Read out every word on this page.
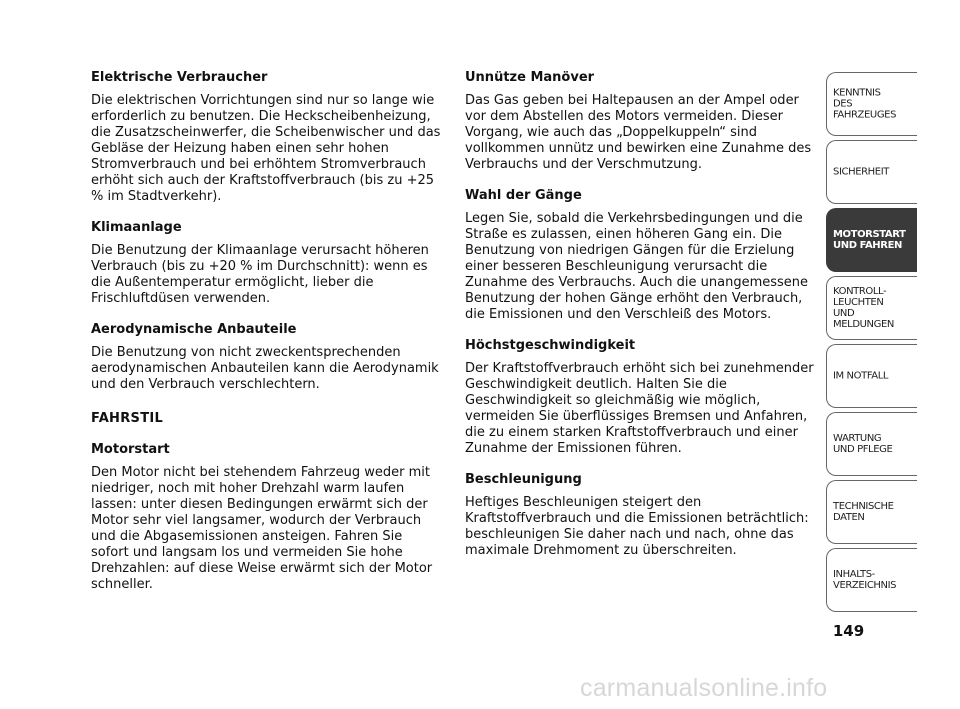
Elektrische Verbraucher
Die elektrischen Vorrichtungen sind nur so lange wie erforderlich zu benutzen. Die Heckscheibenheizung, die Zusatzscheinwerfer, die Scheibenwischer und das Gebläse der Heizung haben einen sehr hohen Stromverbrauch und bei erhöhtem Stromverbrauch erhöht sich auch der Kraftstoffverbrauch (bis zu +25 % im Stadtverkehr).
Klimaanlage
Die Benutzung der Klimaanlage verursacht höheren Verbrauch (bis zu +20 % im Durchschnitt): wenn es die Außentemperatur ermöglicht, lieber die Frischluftdüsen verwenden.
Aerodynamische Anbauteile
Die Benutzung von nicht zweckentsprechenden aerodynamischen Anbauteilen kann die Aerodynamik und den Verbrauch verschlechtern.
FAHRSTIL
Motorstart
Den Motor nicht bei stehendem Fahrzeug weder mit niedriger, noch mit hoher Drehzahl warm laufen lassen: unter diesen Bedingungen erwärmt sich der Motor sehr viel langsamer, wodurch der Verbrauch und die Abgasemissionen ansteigen. Fahren Sie sofort und langsam los und vermeiden Sie hohe Drehzahlen: auf diese Weise erwärmt sich der Motor schneller.
Unnütze Manöver
Das Gas geben bei Haltepausen an der Ampel oder vor dem Abstellen des Motors vermeiden. Dieser Vorgang, wie auch das „Doppelkuppeln“ sind vollkommen unnütz und bewirken eine Zunahme des Verbrauchs und der Verschmutzung.
Wahl der Gänge
Legen Sie, sobald die Verkehrsbedingungen und die Straße es zulassen, einen höheren Gang ein. Die Benutzung von niedrigen Gängen für die Erzielung einer besseren Beschleunigung verursacht die Zunahme des Verbrauchs. Auch die unangemessene Benutzung der hohen Gänge erhöht den Verbrauch, die Emissionen und den Verschleiß des Motors.
Höchstgeschwindigkeit
Der Kraftstoffverbrauch erhöht sich bei zunehmender Geschwindigkeit deutlich. Halten Sie die Geschwindigkeit so gleichmäßig wie möglich, vermeiden Sie überflüssiges Bremsen und Anfahren, die zu einem starken Kraftstoffverbrauch und einer Zunahme der Emissionen führen.
Beschleunigung
Heftiges Beschleunigen steigert den Kraftstoffverbrauch und die Emissionen beträchtlich: beschleunigen Sie daher nach und nach, ohne das maximale Drehmoment zu überschreiten.
KENNTNIS
DES FAHRZEUGES
SICHERHEIT
MOTORSTART
UND FAHREN
KONTROLL-
LEUCHTEN
UND MELDUNGEN
IM NOTFALL
WARTUNG
UND PFLEGE
TECHNISCHE
DATEN
INHALTS-
VERZEICHNIS
149
carmanualsonline.info
